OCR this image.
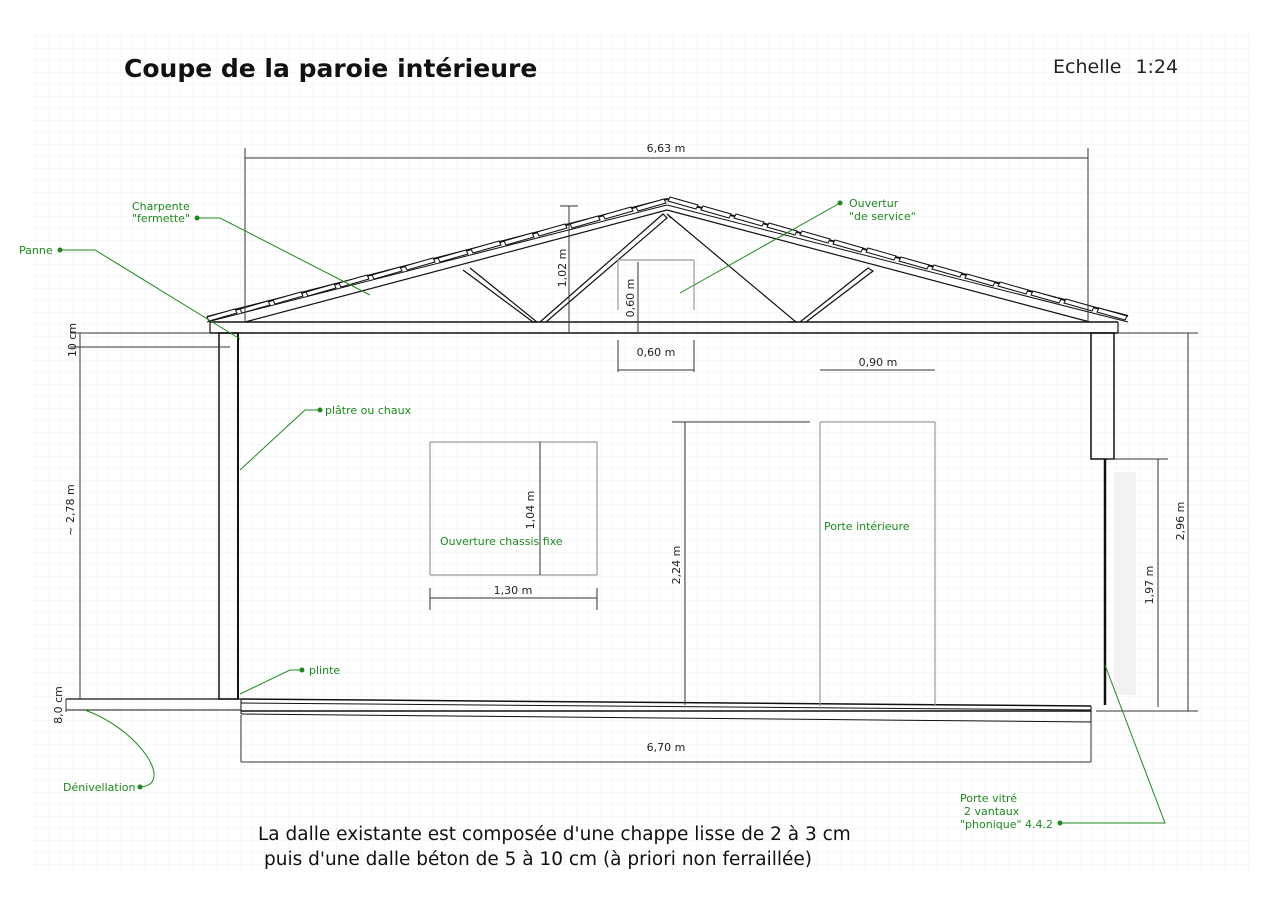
6,63 m
6,70 m
1,02 m
0,60 m
0,60 m
0,90 m
2,24 m
1,04 m
1,30 m	1,97 m
2,96 m
~ 2,78 m
10 cm
8,0 cm
Charpente
"fermette"
Panne
Ouvertur
"de service"
plâtre ou chaux
Ouverture chassis fixe
Porte intérieure
plinte
Dénivellation
Porte vitré
2 vantaux
"phonique" 4.4.2
Coupe de la paroie intérieure	Echelle 1:24
La dalle existante est composée d'une chappe lisse de 2 à 3 cm
puis d'une dalle béton de 5 à 10 cm (à priori non ferraillée)
